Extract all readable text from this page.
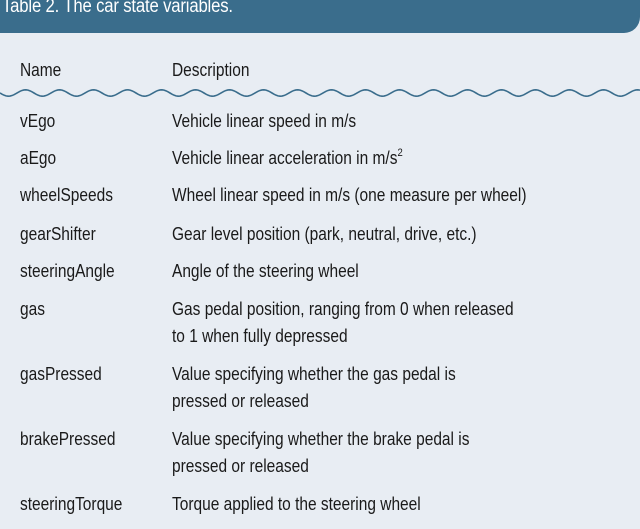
Table 2. The car state variables.
Name	Description
vEgo	Vehicle linear speed in m/s
aEgo	Vehicle linear acceleration in $m/s^2$
wheelSpeeds	Wheel linear speed in m/s (one measure per wheel)
gearShifter	Gear level position (park, neutral, drive, etc.)
steeringAngle	Angle of the steering wheel
gas	Gas pedal position, ranging from 0 when released
to 1 when fully depressed
gasPressed	Value specifying whether the gas pedal is
pressed or released
brakePressed	Value specifying whether the brake pedal is
pressed or released
steeringTorque	Torque applied to the steering wheel
